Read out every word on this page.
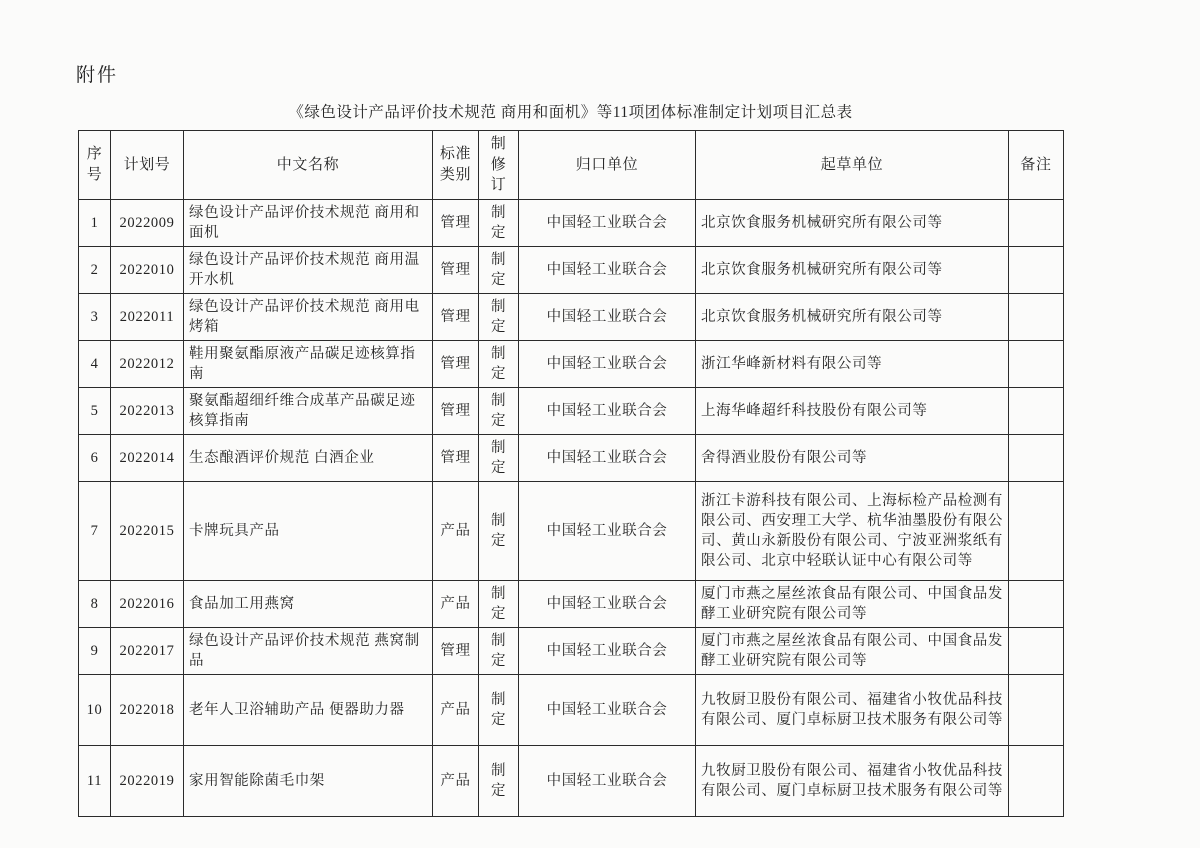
附件
《绿色设计产品评价技术规范 商用和面机》等11项团体标准制定计划项目汇总表
序号	计划号	中文名称	标准类别	制修订	归口单位	起草单位	备注
1	2022009	绿色设计产品评价技术规范 商用和面机	管理	制定	中国轻工业联合会	北京饮食服务机械研究所有限公司等	
2	2022010	绿色设计产品评价技术规范 商用温开水机	管理	制定	中国轻工业联合会	北京饮食服务机械研究所有限公司等	
3	2022011	绿色设计产品评价技术规范 商用电烤箱	管理	制定	中国轻工业联合会	北京饮食服务机械研究所有限公司等	
4	2022012	鞋用聚氨酯原液产品碳足迹核算指南	管理	制定	中国轻工业联合会	浙江华峰新材料有限公司等	
5	2022013	聚氨酯超细纤维合成革产品碳足迹核算指南	管理	制定	中国轻工业联合会	上海华峰超纤科技股份有限公司等	
6	2022014	生态酿酒评价规范 白酒企业	管理	制定	中国轻工业联合会	舍得酒业股份有限公司等	
7	2022015	卡牌玩具产品	产品	制定	中国轻工业联合会	浙江卡游科技有限公司、上海标检产品检测有限公司、西安理工大学、杭华油墨股份有限公司、黄山永新股份有限公司、宁波亚洲浆纸有限公司、北京中轻联认证中心有限公司等	
8	2022016	食品加工用燕窝	产品	制定	中国轻工业联合会	厦门市燕之屋丝浓食品有限公司、中国食品发酵工业研究院有限公司等	
9	2022017	绿色设计产品评价技术规范 燕窝制品	管理	制定	中国轻工业联合会	厦门市燕之屋丝浓食品有限公司、中国食品发酵工业研究院有限公司等	
10	2022018	老年人卫浴辅助产品 便器助力器	产品	制定	中国轻工业联合会	九牧厨卫股份有限公司、福建省小牧优品科技有限公司、厦门卓标厨卫技术服务有限公司等	
11	2022019	家用智能除菌毛巾架	产品	制定	中国轻工业联合会	九牧厨卫股份有限公司、福建省小牧优品科技有限公司、厦门卓标厨卫技术服务有限公司等	
